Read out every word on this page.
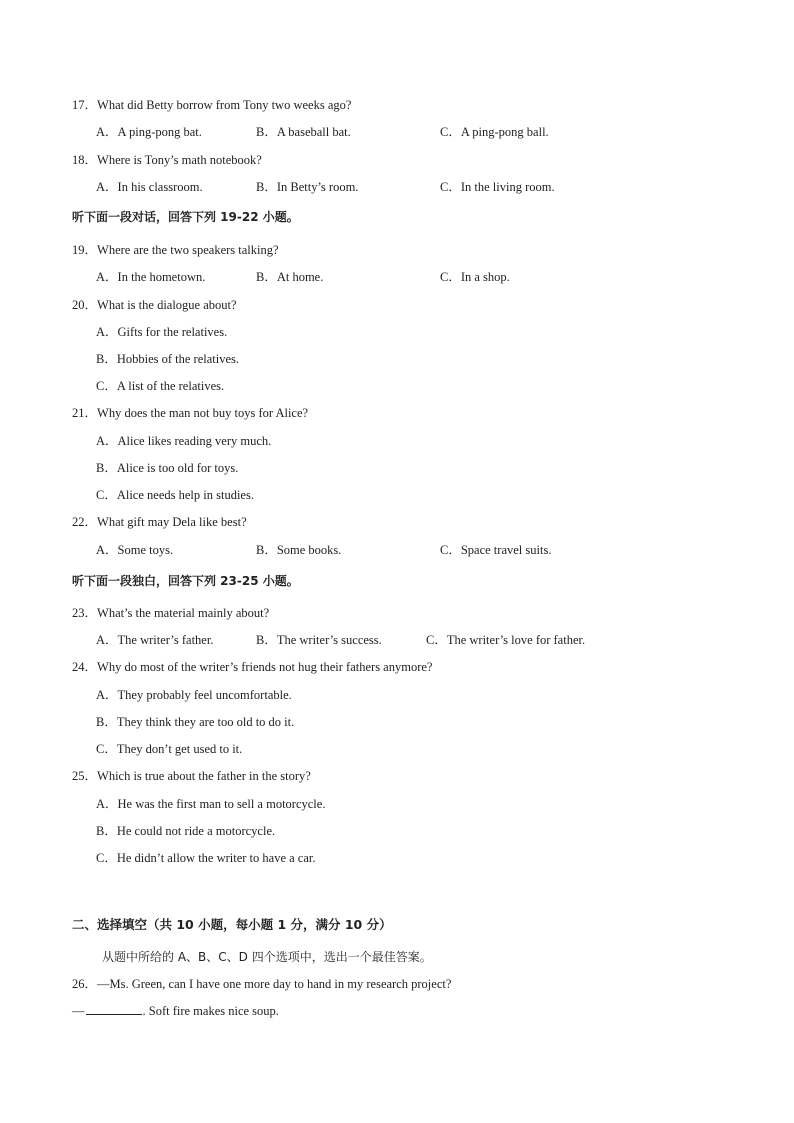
17．What did Betty borrow from Tony two weeks ago?
A．A ping-pong bat.	B．A baseball bat.	C．A ping-pong ball.
18．Where is Tony’s math notebook?
A．In his classroom.	B．In Betty’s room.	C．In the living room.
听下面一段对话，回答下列 19-22 小题。
19．Where are the two speakers talking?
A．In the hometown.	B．At home.	C．In a shop.
20．What is the dialogue about?
A．Gifts for the relatives.
B．Hobbies of the relatives.
C．A list of the relatives.
21．Why does the man not buy toys for Alice?
A．Alice likes reading very much.
B．Alice is too old for toys.
C．Alice needs help in studies.
22．What gift may Dela like best?
A．Some toys.	B．Some books.	C．Space travel suits.
听下面一段独白，回答下列 23-25 小题。
23．What’s the material mainly about?
A．The writer’s father.	B．The writer’s success.	C．The writer’s love for father.
24．Why do most of the writer’s friends not hug their fathers anymore?
A．They probably feel uncomfortable.
B．They think they are too old to do it.
C．They don’t get used to it.
25．Which is true about the father in the story?
A．He was the first man to sell a motorcycle.
B．He could not ride a motorcycle.
C．He didn’t allow the writer to have a car.
二、选择填空（共 10 小题，每小题 1 分，满分 10 分）
从题中所给的 A、B、C、D 四个选项中，选出一个最佳答案。
26．—Ms. Green, can I have one more day to hand in my research project?
—	. Soft fire makes nice soup.
